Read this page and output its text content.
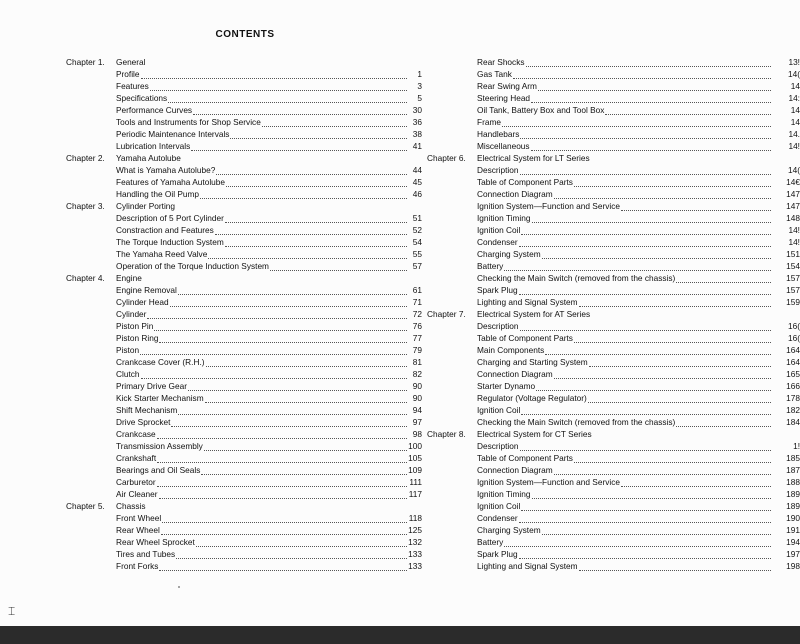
CONTENTS
Chapter 1.	General
Profile	1
Features	3
Specifications	5
Performance Curves	30
Tools and Instruments for Shop Service	36
Periodic Maintenance Intervals	38
Lubrication Intervals	41
Chapter 2.	Yamaha Autolube
What is Yamaha Autolube?	44
Features of Yamaha Autolube	45
Handling the Oil Pump	46
Chapter 3.	Cylinder Porting
Description of 5 Port Cylinder	51
Constraction and Features	52
The Torque Induction System	54
The Yamaha Reed Valve	55
Operation of the Torque Induction System	57
Chapter 4.	Engine
Engine Removal	61
Cylinder Head	71
Cylinder	72
Piston Pin	76
Piston Ring	77
Piston	79
Crankcase Cover (R.H.)	81
Clutch	82
Primary Drive Gear	90
Kick Starter Mechanism	90
Shift Mechanism	94
Drive Sprocket	97
Crankcase	98
Transmission Assembly	100
Crankshaft	105
Bearings and Oil Seals	109
Carburetor	111
Air Cleaner	117
Chapter 5.	Chassis
Front Wheel	118
Rear Wheel	125
Rear Wheel Sprocket	132
Tires and Tubes	133
Front Forks	133
Rear Shocks	13!
Gas Tank	14(
Rear Swing Arm	14
Steering Head	14:
Oil Tank, Battery Box and Tool Box	14
Frame	14
Handlebars	14.
Miscellaneous	14!
Chapter 6.	Electrical System for LT Series
Description	14(
Table of Component Parts	14€
Connection Diagram	147
Ignition System—Function and Service	147
Ignition Timing	148
Ignition Coil	14!
Condenser	14!
Charging System	151
Battery	154
Checking the Main Switch (removed from the chassis)	157
Spark Plug	157
Lighting and Signal System	159
Chapter 7.	Electrical System for AT Series
Description	16(
Table of Component Parts	16(
Main Components	164
Charging and Starting System	164
Connection Diagram	165
Starter Dynamo	166
Regulator (Voltage Regulator)	178
Ignition Coil	182
Checking the Main Switch (removed from the chassis)	184
Chapter 8.	Electrical System for CT Series
Description	1!
Table of Component Parts	185
Connection Diagram	187
Ignition System—Function and Service	188
Ignition Timing	189
Ignition Coil	189
Condenser	190
Charging System	191
Battery	194
Spark Plug	197
Lighting and Signal System	198
⌶
